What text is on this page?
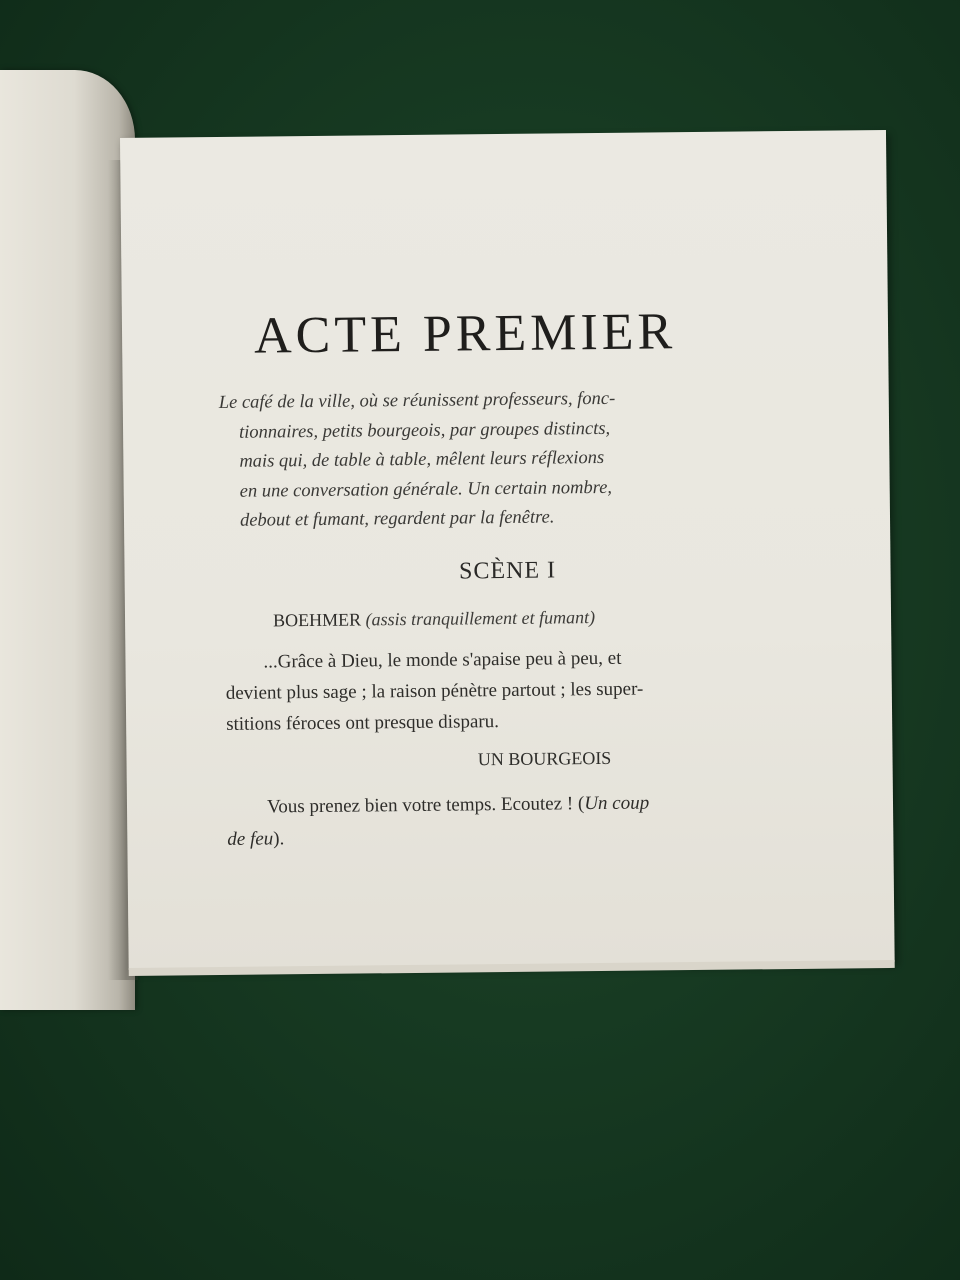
ACTE PREMIER
Le café de la ville, où se réunissent professeurs, fonc-
tionnaires, petits bourgeois, par groupes distincts,
mais qui, de table à table, mêlent leurs réflexions
en une conversation générale. Un certain nombre,
debout et fumant, regardent par la fenêtre.
SCÈNE I
BOEHMER (assis tranquillement et fumant)
...Grâce à Dieu, le monde s'apaise peu à peu, et
devient plus sage ; la raison pénètre partout ; les super-
stitions féroces ont presque disparu.
UN BOURGEOIS
Vous prenez bien votre temps. Ecoutez ! (Un coup
de feu).
